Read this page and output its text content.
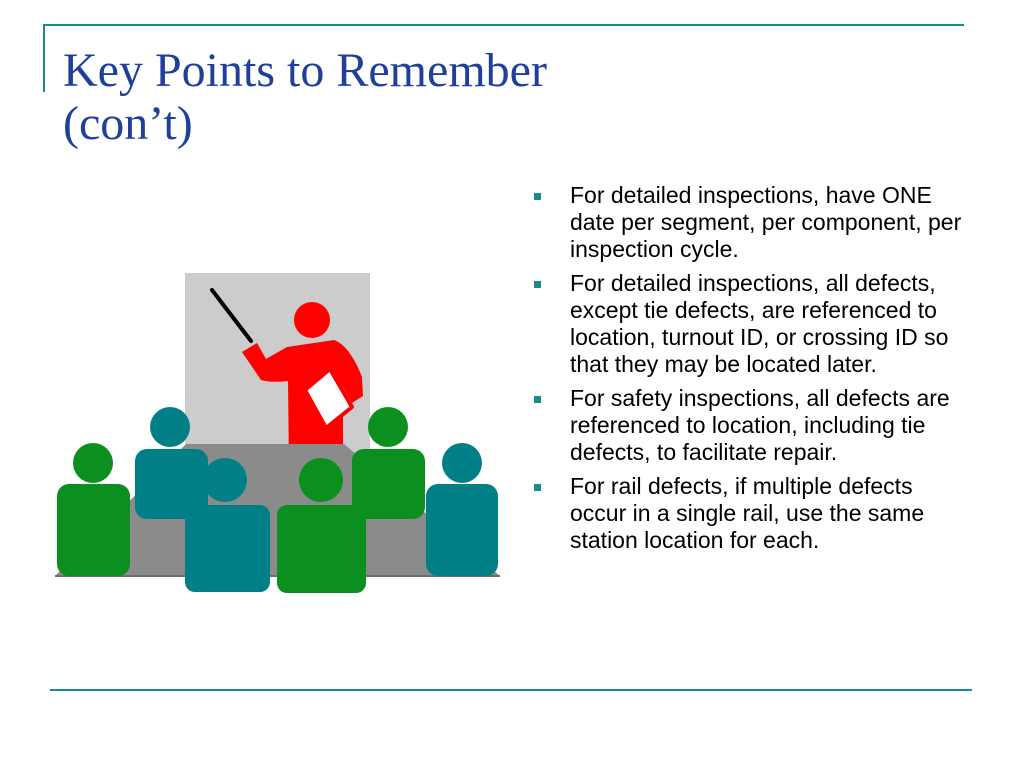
Key Points to Remember
(con’t)
For detailed inspections, have ONE date per segment, per component, per inspection cycle.
For detailed inspections, all defects, except tie defects, are referenced to location, turnout ID, or crossing ID so that they may be located later.
For safety inspections, all defects are referenced to location, including tie defects, to facilitate repair.
For rail defects, if multiple defects occur in a single rail, use the same station location for each.
